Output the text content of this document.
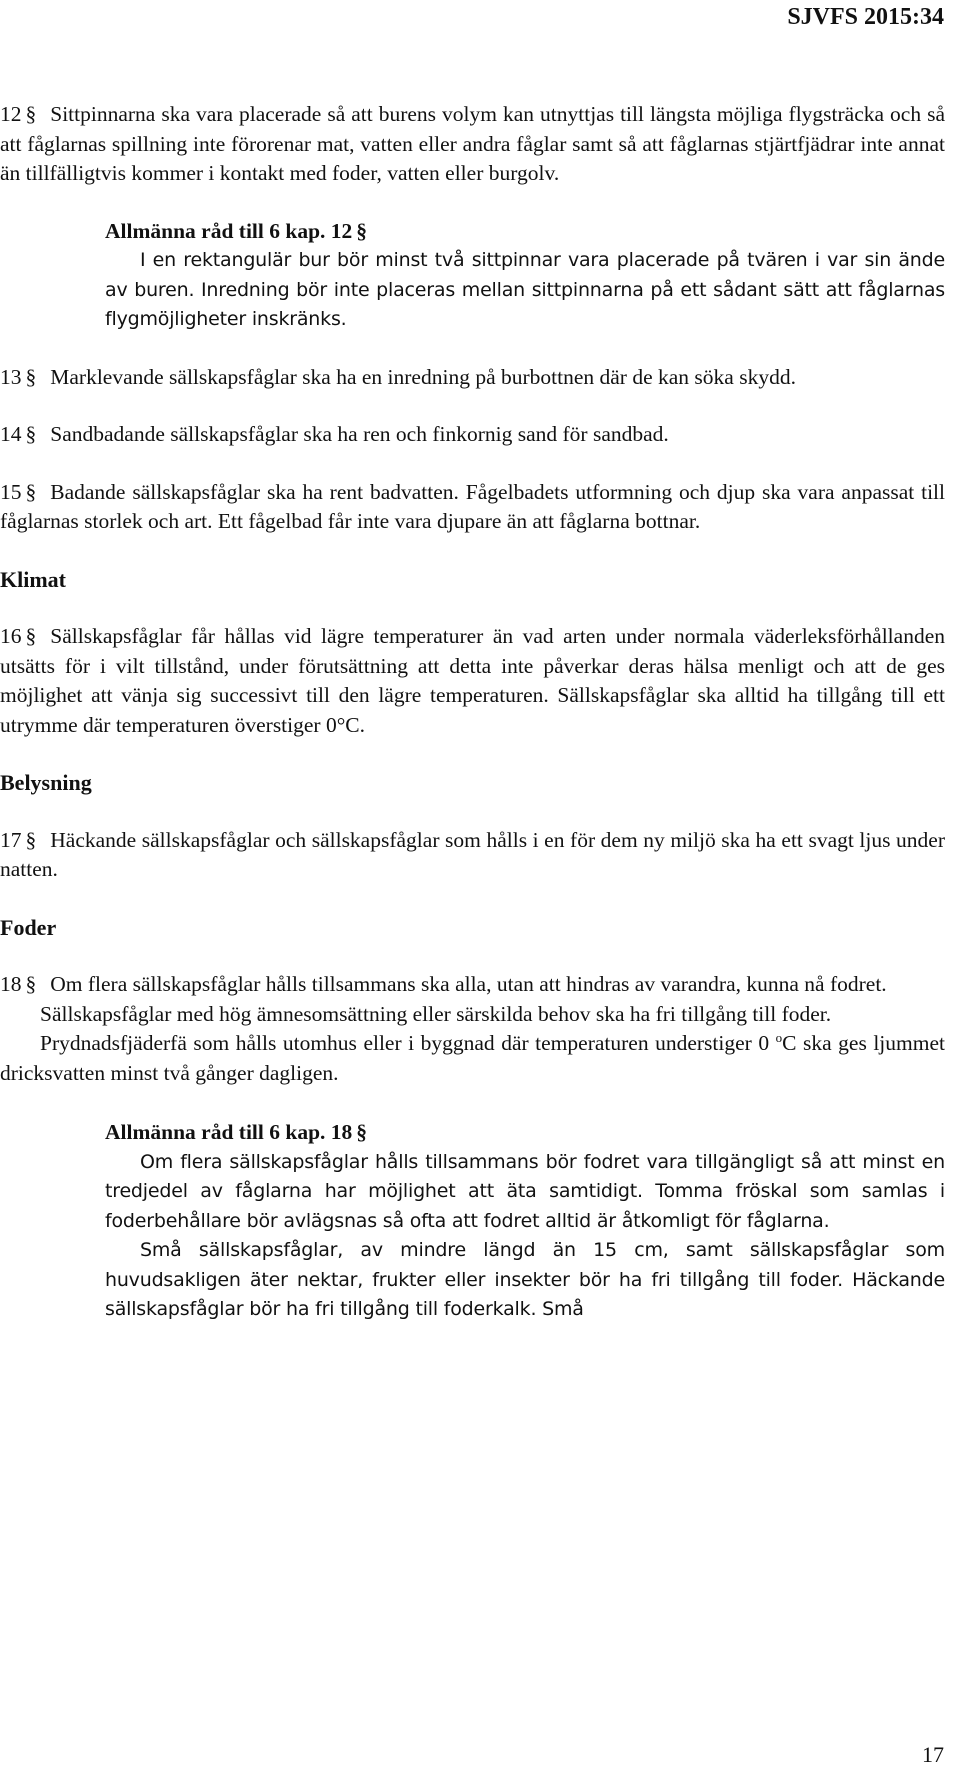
SJVFS 2015:34

12 § Sittpinnarna ska vara placerade så att burens volym kan utnyttjas till längsta möjliga flygsträcka och så att fåglarnas spillning inte förorenar mat, vatten eller andra fåglar samt så att fåglarnas stjärtfjädrar inte annat än tillfälligtvis kommer i kontakt med foder, vatten eller burgolv.

Allmänna råd till 6 kap. 12 §

I en rektangulär bur bör minst två sittpinnar vara placerade på tvären i var sin ände av buren. Inredning bör inte placeras mellan sittpinnarna på ett sådant sätt att fåglarnas flygmöjligheter inskränks.

13 § Marklevande sällskapsfåglar ska ha en inredning på burbottnen där de kan söka skydd.

14 § Sandbadande sällskapsfåglar ska ha ren och finkornig sand för sandbad.

15 § Badande sällskapsfåglar ska ha rent badvatten. Fågelbadets utformning och djup ska vara anpassat till fåglarnas storlek och art. Ett fågelbad får inte vara djupare än att fåglarna bottnar.

Klimat

16 § Sällskapsfåglar får hållas vid lägre temperaturer än vad arten under normala väderleksförhållanden utsätts för i vilt tillstånd, under förutsättning att detta inte påverkar deras hälsa menligt och att de ges möjlighet att vänja sig successivt till den lägre temperaturen. Sällskapsfåglar ska alltid ha tillgång till ett utrymme där temperaturen överstiger 0°C.

Belysning

17 § Häckande sällskapsfåglar och sällskapsfåglar som hålls i en för dem ny miljö ska ha ett svagt ljus under natten.

Foder

18 § Om flera sällskapsfåglar hålls tillsammans ska alla, utan att hindras av varandra, kunna nå fodret.

Sällskapsfåglar med hög ämnesomsättning eller särskilda behov ska ha fri tillgång till foder.

Prydnadsfjäderfä som hålls utomhus eller i byggnad där temperaturen understiger 0 $^o$C ska ges ljummet dricksvatten minst två gånger dagligen.

Allmänna råd till 6 kap. 18 §

Om flera sällskapsfåglar hålls tillsammans bör fodret vara tillgängligt så att minst en tredjedel av fåglarna har möjlighet att äta samtidigt. Tomma fröskal som samlas i foderbehållare bör avlägsnas så ofta att fodret alltid är åtkomligt för fåglarna.

Små sällskapsfåglar, av mindre längd än 15 cm, samt sällskapsfåglar som huvudsakligen äter nektar, frukter eller insekter bör ha fri tillgång till foder. Häckande sällskapsfåglar bör ha fri tillgång till foderkalk. Små

17
